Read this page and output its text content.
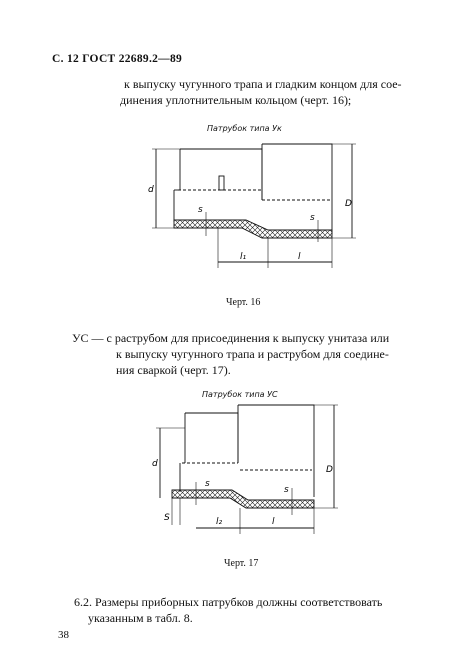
С. 12 ГОСТ 22689.2—89
к выпуску чугунного трапа и гладким концом для сое-
динения уплотнительным кольцом (черт. 16);
Патрубок типа Ук
d
s
s
D
l₁	l
d
s
s
D
S	l₂	l
Черт. 16
УС — с раструбом для присоединения к выпуску унитаза или
к выпуску чугунного трапа и раструбом для соедине-
ния сваркой (черт. 17).
Патрубок типа УС
Черт. 17
6.2. Размеры приборных патрубков должны соответствовать
указанным в табл. 8.
38
